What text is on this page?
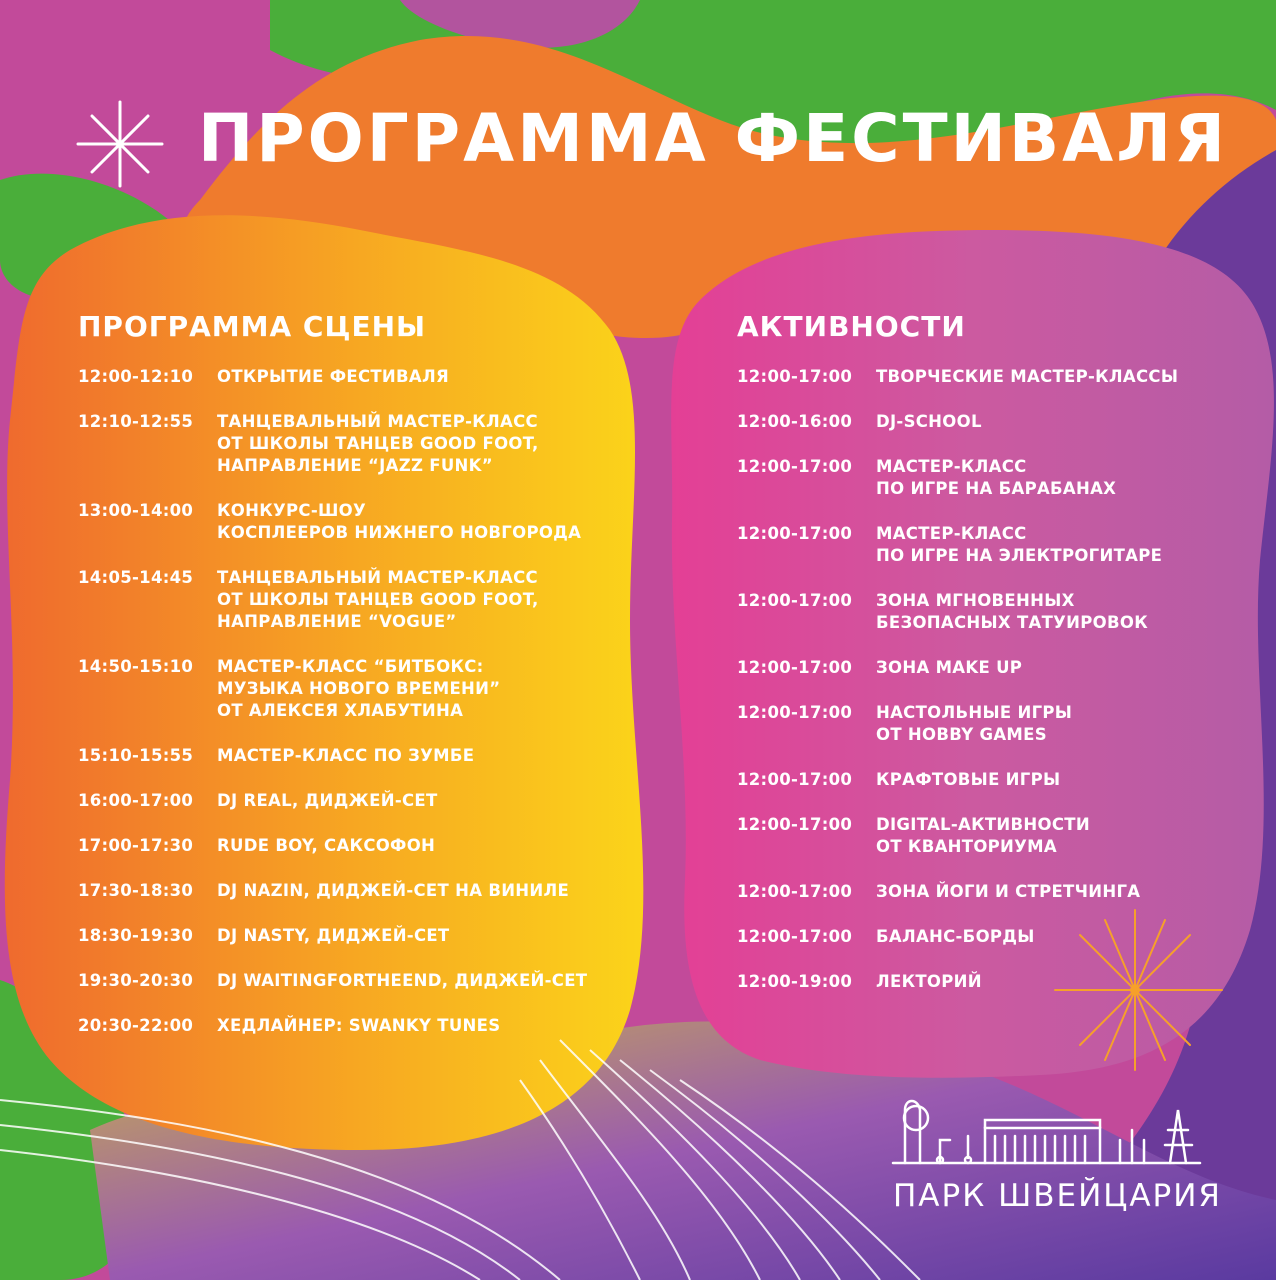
ПРОГРАММА ФЕСТИВАЛЯ
ПРОГРАММА СЦЕНЫ
12:00-12:10	ОТКРЫТИЕ ФЕСТИВАЛЯ
12:10-12:55	ТАНЦЕВАЛЬНЫЙ МАСТЕР-КЛАСС
ОТ ШКОЛЫ ТАНЦЕВ GOOD FOOT,
НАПРАВЛЕНИЕ “JAZZ FUNK”
13:00-14:00	КОНКУРС-ШОУ
КОСПЛЕЕРОВ НИЖНЕГО НОВГОРОДА
14:05-14:45	ТАНЦЕВАЛЬНЫЙ МАСТЕР-КЛАСС
ОТ ШКОЛЫ ТАНЦЕВ GOOD FOOT,
НАПРАВЛЕНИЕ “VOGUE”
14:50-15:10	МАСТЕР-КЛАСС “БИТБОКС:
МУЗЫКА НОВОГО ВРЕМЕНИ”
ОТ АЛЕКСЕЯ ХЛАБУТИНА
15:10-15:55	МАСТЕР-КЛАСС ПО ЗУМБЕ
16:00-17:00	DJ REAL, ДИДЖЕЙ-СЕТ
17:00-17:30	RUDE BOY, САКСОФОН
17:30-18:30	DJ NAZIN, ДИДЖЕЙ-СЕТ НА ВИНИЛЕ
18:30-19:30	DJ NASTY, ДИДЖЕЙ-СЕТ
19:30-20:30	DJ WAITINGFORTHEEND, ДИДЖЕЙ-СЕТ
20:30-22:00	ХЕДЛАЙНЕР: SWANKY TUNES
АКТИВНОСТИ
12:00-17:00	ТВОРЧЕСКИЕ МАСТЕР-КЛАССЫ
12:00-16:00	DJ-SCHOOL
12:00-17:00	МАСТЕР-КЛАСС
ПО ИГРЕ НА БАРАБАНАХ
12:00-17:00	МАСТЕР-КЛАСС
ПО ИГРЕ НА ЭЛЕКТРОГИТАРЕ
12:00-17:00	ЗОНА МГНОВЕННЫХ
БЕЗОПАСНЫХ ТАТУИРОВОК
12:00-17:00	ЗОНА MAKE UP
12:00-17:00	НАСТОЛЬНЫЕ ИГРЫ
ОТ HOBBY GAMES
12:00-17:00	КРАФТОВЫЕ ИГРЫ
12:00-17:00	DIGITAL-АКТИВНОСТИ
ОТ КВАНТОРИУМА
12:00-17:00	ЗОНА ЙОГИ И СТРЕТЧИНГА
12:00-17:00	БАЛАНС-БОРДЫ
12:00-19:00	ЛЕКТОРИЙ
ПАРК ШВЕЙЦАРИЯ
